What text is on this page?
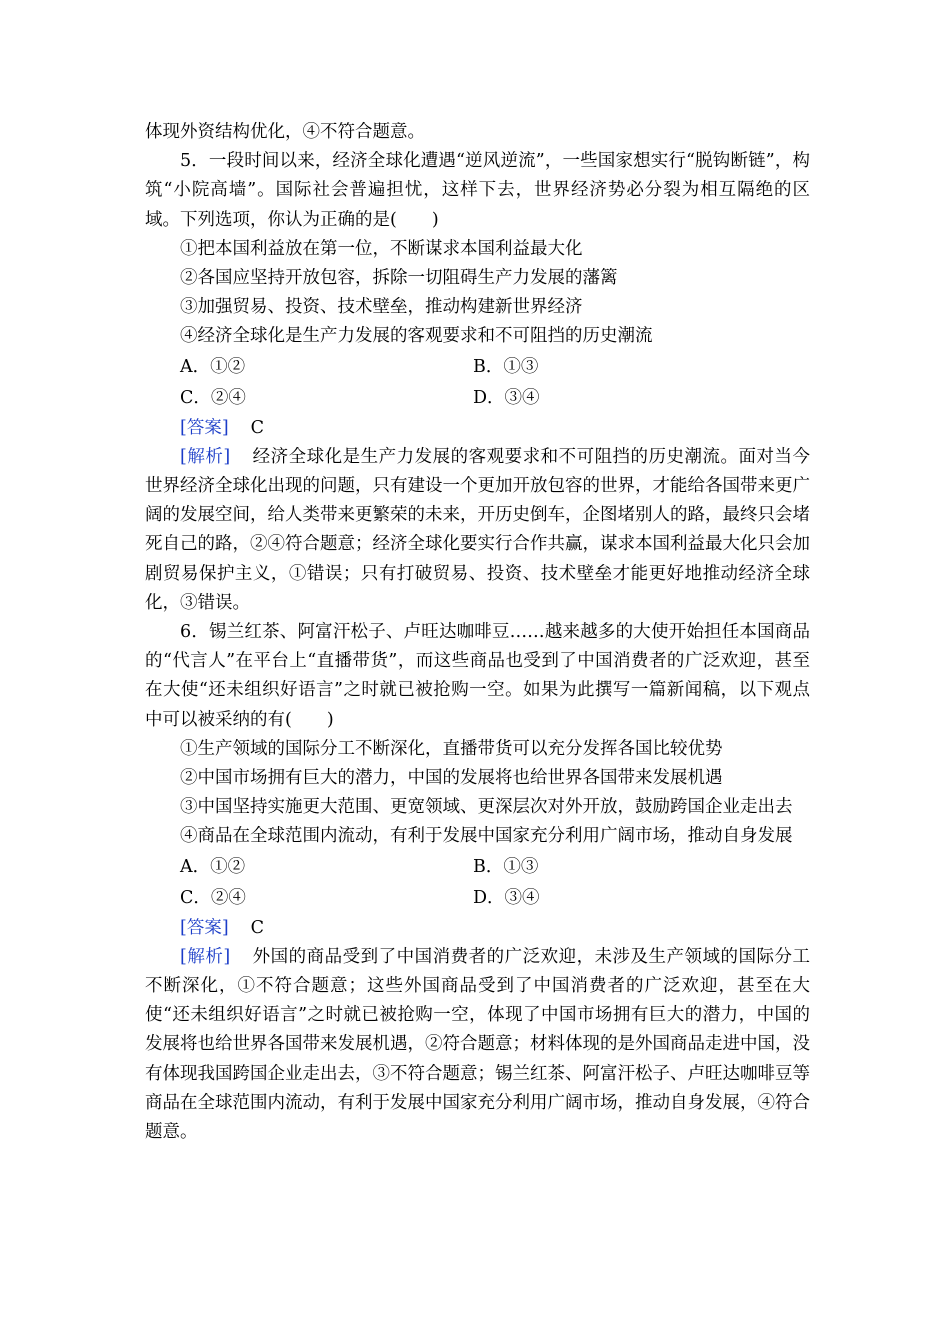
体现外资结构优化，④不符合题意。

5．一段时间以来，经济全球化遭遇“逆风逆流”，一些国家想实行“脱钩断链”，构筑“小院高墙”。国际社会普遍担忧，这样下去，世界经济势必分裂为相互隔绝的区域。下列选项，你认为正确的是(　　)

①把本国利益放在第一位，不断谋求本国利益最大化

②各国应坚持开放包容，拆除一切阻碍生产力发展的藩篱

③加强贸易、投资、技术壁垒，推动构建新世界经济

④经济全球化是生产力发展的客观要求和不可阻挡的历史潮流

A．①②	B．①③
C．②④	D．③④

[答案] C

[解析] 经济全球化是生产力发展的客观要求和不可阻挡的历史潮流。面对当今世界经济全球化出现的问题，只有建设一个更加开放包容的世界，才能给各国带来更广阔的发展空间，给人类带来更繁荣的未来，开历史倒车，企图堵别人的路，最终只会堵死自己的路，②④符合题意；经济全球化要实行合作共赢，谋求本国利益最大化只会加剧贸易保护主义，①错误；只有打破贸易、投资、技术壁垒才能更好地推动经济全球化，③错误。

6．锡兰红茶、阿富汗松子、卢旺达咖啡豆……越来越多的大使开始担任本国商品的“代言人”在平台上“直播带货”，而这些商品也受到了中国消费者的广泛欢迎，甚至在大使“还未组织好语言”之时就已被抢购一空。如果为此撰写一篇新闻稿，以下观点中可以被采纳的有(　　)

①生产领域的国际分工不断深化，直播带货可以充分发挥各国比较优势

②中国市场拥有巨大的潜力，中国的发展将也给世界各国带来发展机遇

③中国坚持实施更大范围、更宽领域、更深层次对外开放，鼓励跨国企业走出去

④商品在全球范围内流动，有利于发展中国家充分利用广阔市场，推动自身发展

A．①②	B．①③
C．②④	D．③④

[答案] C

[解析] 外国的商品受到了中国消费者的广泛欢迎，未涉及生产领域的国际分工不断深化，①不符合题意；这些外国商品受到了中国消费者的广泛欢迎，甚至在大使“还未组织好语言”之时就已被抢购一空，体现了中国市场拥有巨大的潜力，中国的发展将也给世界各国带来发展机遇，②符合题意；材料体现的是外国商品走进中国，没有体现我国跨国企业走出去，③不符合题意；锡兰红茶、阿富汗松子、卢旺达咖啡豆等商品在全球范围内流动，有利于发展中国家充分利用广阔市场，推动自身发展，④符合题意。
